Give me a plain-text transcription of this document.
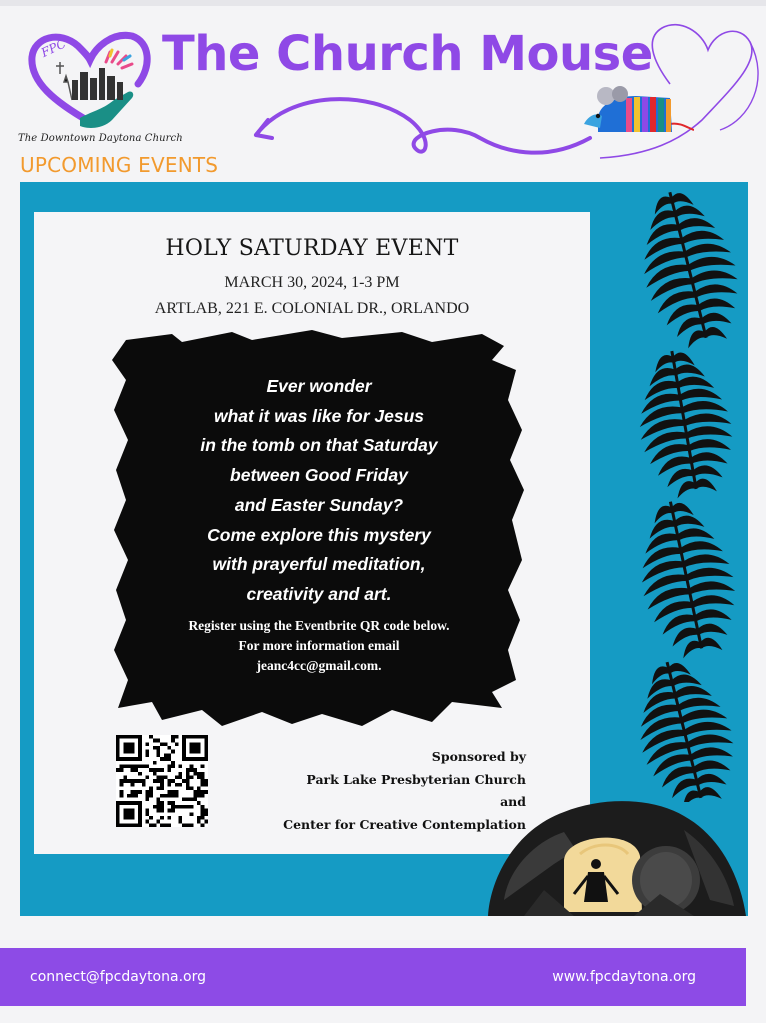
FPC
The Downtown Daytona Church
The Church Mouse
UPCOMING EVENTS
HOLY SATURDAY EVENT
MARCH 30, 2024, 1-3 PM
ARTLAB, 221 E. COLONIAL DR., ORLANDO
Ever wonder
what it was like for Jesus
in the tomb on that Saturday
between Good Friday
and Easter Sunday?
Come explore this mystery
with prayerful meditation,
creativity and art.
Register using the Eventbrite QR code below.
For more information email
jeanc4cc@gmail.com.
Sponsored by
Park Lake Presbyterian Church
and
Center for Creative Contemplation
connect@fpcdaytona.org	www.fpcdaytona.org
